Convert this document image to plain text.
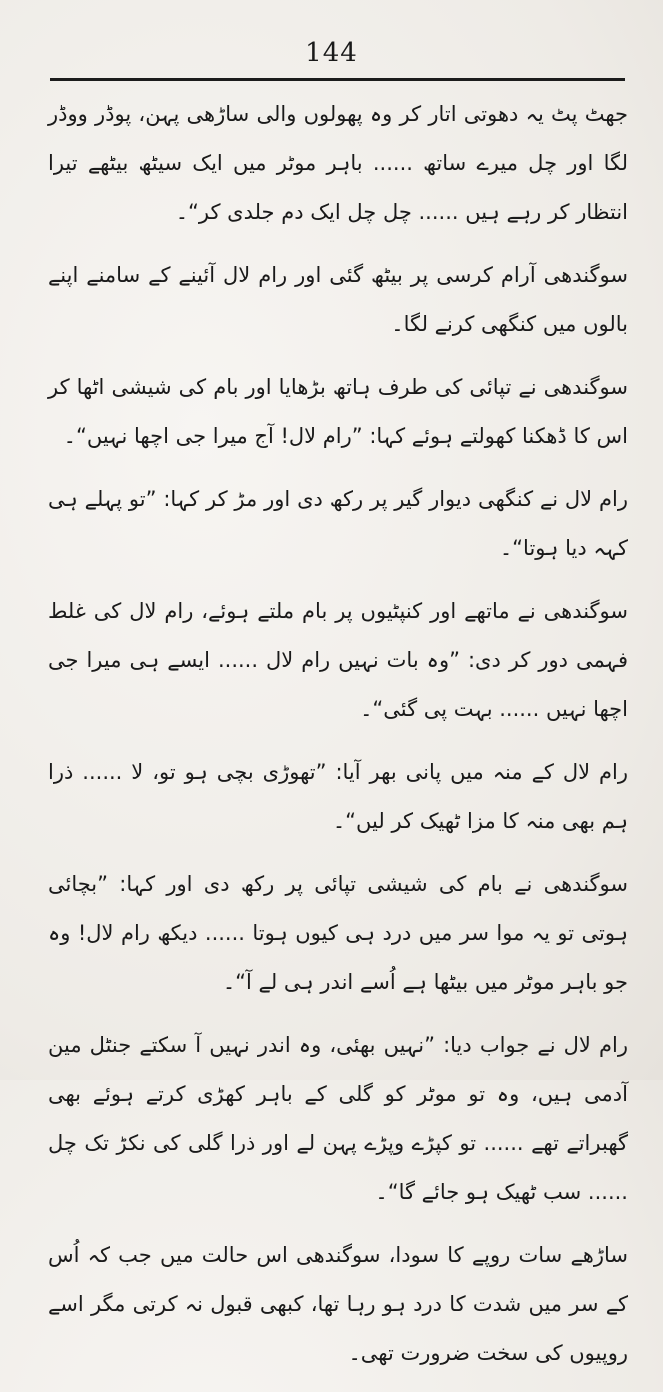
144

جھٹ پٹ یہ دھوتی اتار کر وہ پھولوں والی ساڑھی پہن، پوڈر ووڈر لگا اور چل میرے ساتھ ...... باہر موٹر میں ایک سیٹھ بیٹھے تیرا انتظار کر رہے ہیں ...... چل چل ایک دم جلدی کر“۔

سوگندھی آرام کرسی پر بیٹھ گئی اور رام لال آئینے کے سامنے اپنے بالوں میں کنگھی کرنے لگا۔

سوگندھی نے تپائی کی طرف ہاتھ بڑھایا اور بام کی شیشی اٹھا کر اس کا ڈھکنا کھولتے ہوئے کہا: ”رام لال! آج میرا جی اچھا نہیں“۔

رام لال نے کنگھی دیوار گیر پر رکھ دی اور مڑ کر کہا: ”تو پہلے ہی کہہ دیا ہوتا“۔

سوگندھی نے ماتھے اور کنپٹیوں پر بام ملتے ہوئے، رام لال کی غلط فہمی دور کر دی: ”وہ بات نہیں رام لال ...... ایسے ہی میرا جی اچھا نہیں ...... بہت پی گئی“۔

رام لال کے منہ میں پانی بھر آیا: ”تھوڑی بچی ہو تو، لا ...... ذرا ہم بھی منہ کا مزا ٹھیک کر لیں“۔

سوگندھی نے بام کی شیشی تپائی پر رکھ دی اور کہا: ”بچائی ہوتی تو یہ موا سر میں درد ہی کیوں ہوتا ...... دیکھ رام لال! وہ جو باہر موٹر میں بیٹھا ہے اُسے اندر ہی لے آ“۔

رام لال نے جواب دیا: ”نہیں بھئی، وہ اندر نہیں آ سکتے جنٹل مین آدمی ہیں، وہ تو موٹر کو گلی کے باہر کھڑی کرتے ہوئے بھی گھبراتے تھے ...... تو کپڑے وپڑے پہن لے اور ذرا گلی کی نکڑ تک چل ...... سب ٹھیک ہو جائے گا“۔

ساڑھے سات روپے کا سودا، سوگندھی اس حالت میں جب کہ اُس کے سر میں شدت کا درد ہو رہا تھا، کبھی قبول نہ کرتی مگر اسے روپیوں کی سخت ضرورت تھی۔
